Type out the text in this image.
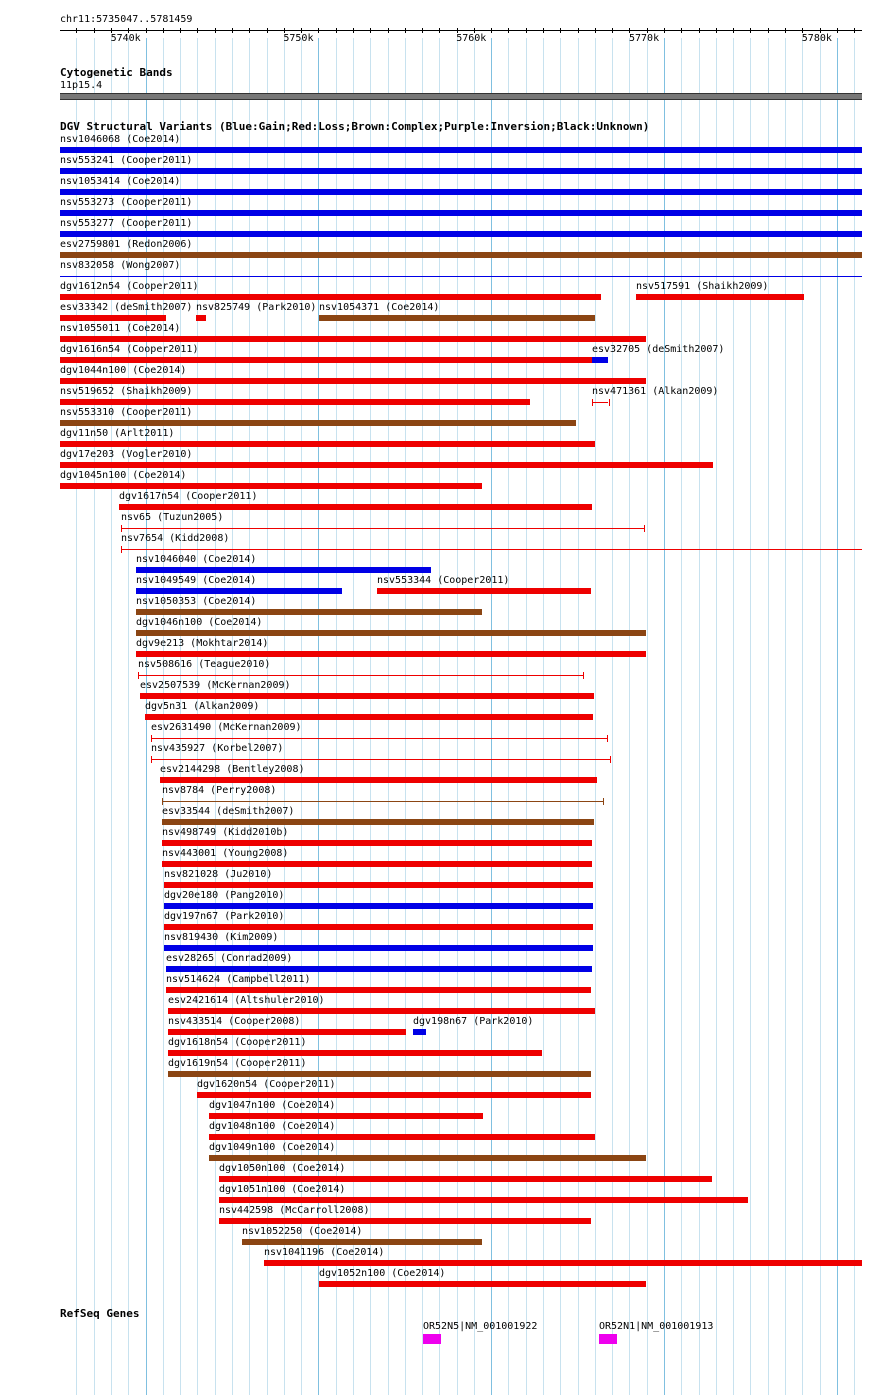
chr11:5735047..5781459
5740k	5750k	5760k	5770k	5780k
Cytogenetic Bands
11p15.4
DGV Structural Variants (Blue:Gain;Red:Loss;Brown:Complex;Purple:Inversion;Black:Unknown)
nsv1046068 (Coe2014)
nsv553241 (Cooper2011)
nsv1053414 (Coe2014)
nsv553273 (Cooper2011)
nsv553277 (Cooper2011)
esv2759801 (Redon2006)
nsv832058 (Wong2007)
dgv1612n54 (Cooper2011)	nsv517591 (Shaikh2009)
esv33342 (deSmith2007) nsv825749 (Park2010) nsv1054371 (Coe2014)
nsv1055011 (Coe2014)
dgv1616n54 (Cooper2011)	esv32705 (deSmith2007)
dgv1044n100 (Coe2014)
nsv519652 (Shaikh2009)	nsv471361 (Alkan2009)
nsv553310 (Cooper2011)
dgv11n50 (Arlt2011)
dgv17e203 (Vogler2010)
dgv1045n100 (Coe2014)
dgv1617n54 (Cooper2011)
nsv65 (Tuzun2005)
nsv7654 (Kidd2008)
nsv1046040 (Coe2014)
nsv1049549 (Coe2014)	nsv553344 (Cooper2011)
nsv1050353 (Coe2014)
dgv1046n100 (Coe2014)
dgv9e213 (Mokhtar2014)
nsv508616 (Teague2010)
esv2507539 (McKernan2009)
dgv5n31 (Alkan2009)
esv2631490 (McKernan2009)
nsv435927 (Korbel2007)
esv2144298 (Bentley2008)
nsv8784 (Perry2008)
esv33544 (deSmith2007)
nsv498749 (Kidd2010b)
nsv443001 (Young2008)
nsv821028 (Ju2010)
dgv20e180 (Pang2010)
dgv197n67 (Park2010)
nsv819430 (Kim2009)
esv28265 (Conrad2009)
nsv514624 (Campbell2011)
esv2421614 (Altshuler2010)
nsv433514 (Cooper2008)	dgv198n67 (Park2010)
dgv1618n54 (Cooper2011)
dgv1619n54 (Cooper2011)
dgv1620n54 (Cooper2011)
dgv1047n100 (Coe2014)
dgv1048n100 (Coe2014)
dgv1049n100 (Coe2014)
dgv1050n100 (Coe2014)
dgv1051n100 (Coe2014)
nsv442598 (McCarroll2008)
nsv1052250 (Coe2014)
nsv1041196 (Coe2014)
dgv1052n100 (Coe2014)
RefSeq Genes
OR52N5|NM_001001922	OR52N1|NM_001001913
